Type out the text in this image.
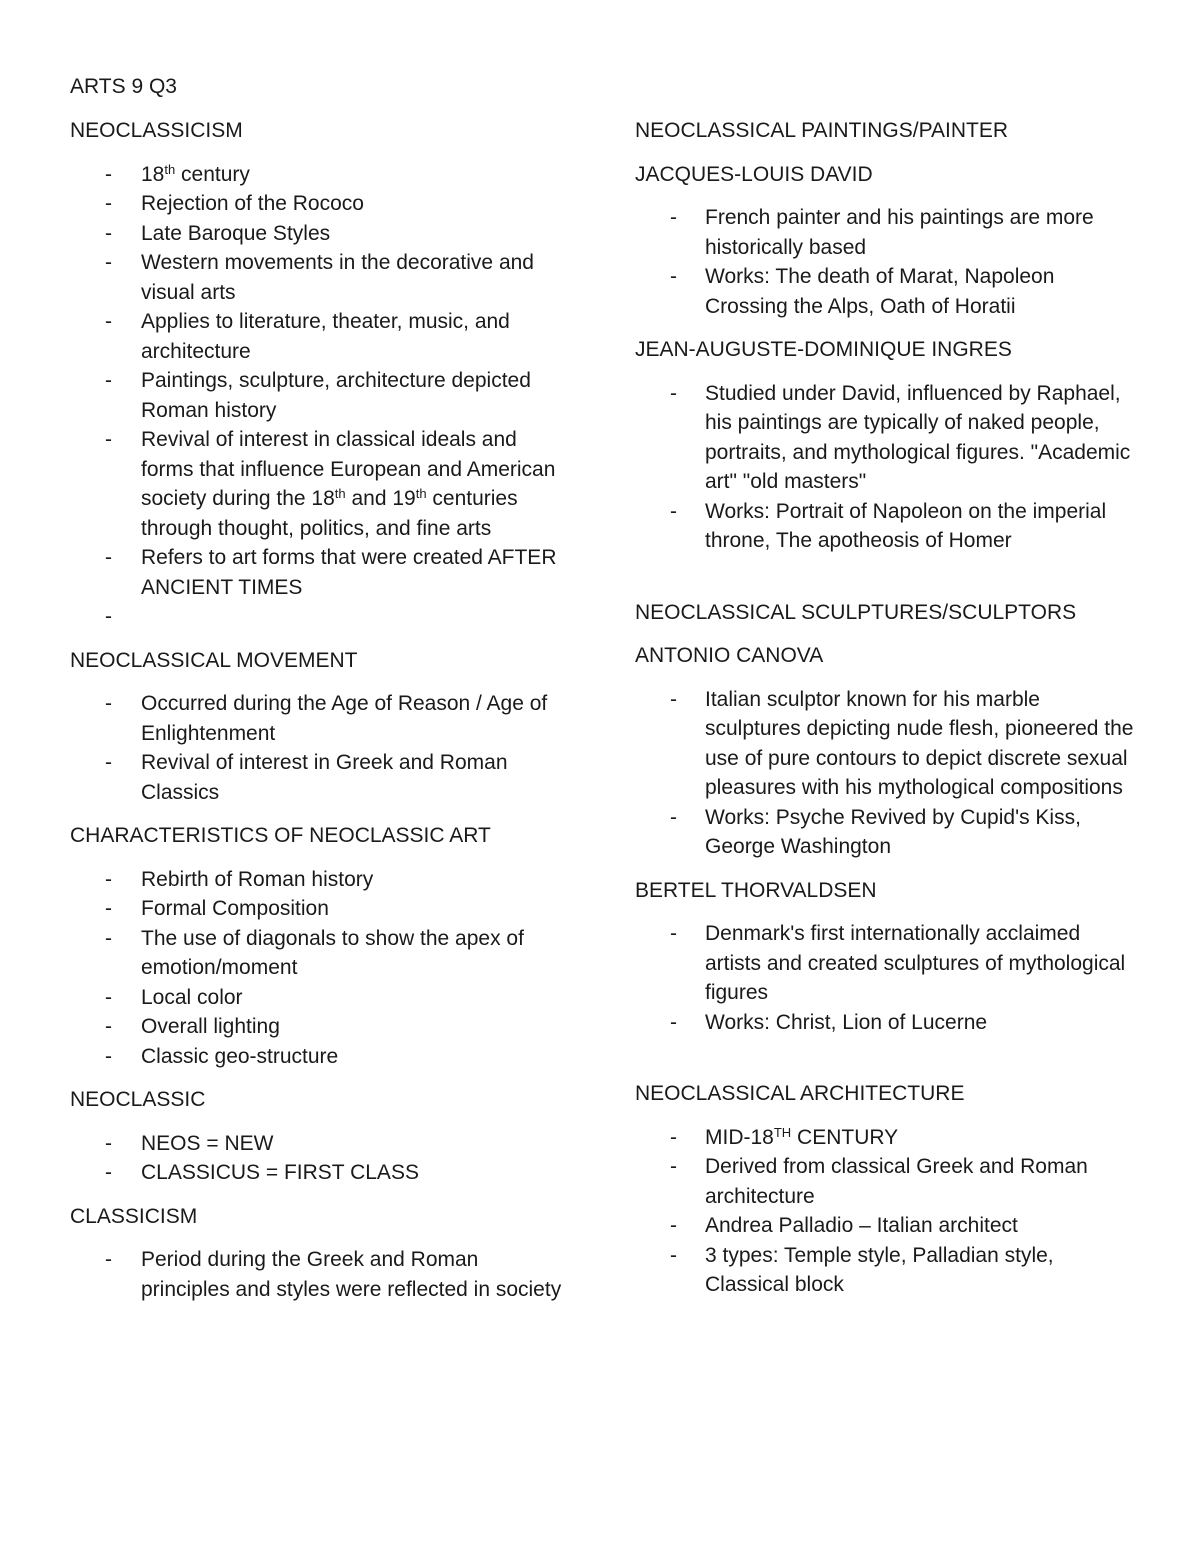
ARTS 9 Q3
NEOCLASSICISM
- 18th century
- Rejection of the Rococo
- Late Baroque Styles
- Western movements in the decorative and visual arts
- Applies to literature, theater, music, and architecture
- Paintings, sculpture, architecture depicted Roman history
- Revival of interest in classical ideals and forms that influence European and American society during the 18th and 19th centuries through thought, politics, and fine arts
- Refers to art forms that were created AFTER ANCIENT TIMES
-
NEOCLASSICAL MOVEMENT
- Occurred during the Age of Reason / Age of Enlightenment
- Revival of interest in Greek and Roman Classics
CHARACTERISTICS OF NEOCLASSIC ART
- Rebirth of Roman history
- Formal Composition
- The use of diagonals to show the apex of emotion/moment
- Local color
- Overall lighting
- Classic geo-structure
NEOCLASSIC
- NEOS = NEW
- CLASSICUS = FIRST CLASS
CLASSICISM
- Period during the Greek and Roman principles and styles were reflected in society
NEOCLASSICAL PAINTINGS/PAINTER
JACQUES-LOUIS DAVID
- French painter and his paintings are more historically based
- Works: The death of Marat, Napoleon Crossing the Alps, Oath of Horatii
JEAN-AUGUSTE-DOMINIQUE INGRES
- Studied under David, influenced by Raphael, his paintings are typically of naked people, portraits, and mythological figures. "Academic art" "old masters"
- Works: Portrait of Napoleon on the imperial throne, The apotheosis of Homer
NEOCLASSICAL SCULPTURES/SCULPTORS
ANTONIO CANOVA
- Italian sculptor known for his marble sculptures depicting nude flesh, pioneered the use of pure contours to depict discrete sexual pleasures with his mythological compositions
- Works: Psyche Revived by Cupid's Kiss, George Washington
BERTEL THORVALDSEN
- Denmark's first internationally acclaimed artists and created sculptures of mythological figures
- Works: Christ, Lion of Lucerne
NEOCLASSICAL ARCHITECTURE
- MID-18TH CENTURY
- Derived from classical Greek and Roman architecture
- Andrea Palladio – Italian architect
- 3 types: Temple style, Palladian style, Classical block
